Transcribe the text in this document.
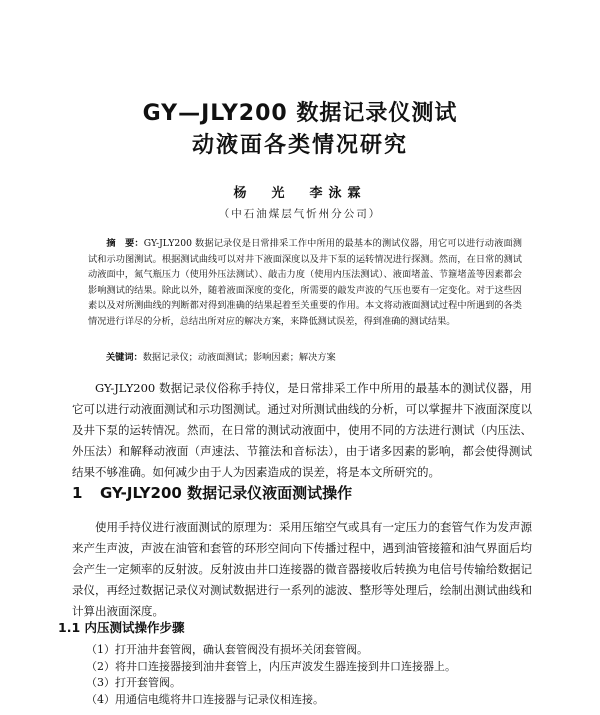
GY—JLY200 数据记录仪测试
动液面各类情况研究
杨　光　李泳霖
（中石油煤层气忻州分公司）
摘　要：GY-JLY200 数据记录仪是日常排采工作中所用的最基本的测试仪器，用它可以进行动液面测试和示功图测试。根据测试曲线可以对井下液面深度以及井下泵的运转情况进行探测。然而，在日常的测试动液面中，氮气瓶压力（使用外压法测试）、敲击力度（使用内压法测试）、液面堵盖、节箍堵盖等因素都会影响测试的结果。除此以外，随着液面深度的变化，所需要的敲发声波的气压也要有一定变化。对于这些因素以及对所测曲线的判断都对得到准确的结果起着至关重要的作用。本文将动液面测试过程中所遇到的各类情况进行详尽的分析，总结出所对应的解决方案，来降低测试误差，得到准确的测试结果。
关键词：数据记录仪；动液面测试；影响因素；解决方案
GY-JLY200 数据记录仪俗称手持仪，是日常排采工作中所用的最基本的测试仪器，用它可以进行动液面测试和示功图测试。通过对所测试曲线的分析，可以掌握井下液面深度以及井下泵的运转情况。然而，在日常的测试动液面中，使用不同的方法进行测试（内压法、外压法）和解释动液面（声速法、节箍法和音标法），由于诸多因素的影响，都会使得测试结果不够准确。如何减少由于人为因素造成的误差，将是本文所研究的。
1 GY-JLY200 数据记录仪液面测试操作
使用手持仪进行液面测试的原理为：采用压缩空气或具有一定压力的套管气作为发声源来产生声波，声波在油管和套管的环形空间向下传播过程中，遇到油管接箍和油气界面后均会产生一定频率的反射波。反射波由井口连接器的微音器接收后转换为电信号传输给数据记录仪，再经过数据记录仪对测试数据进行一系列的滤波、整形等处理后，绘制出测试曲线和计算出液面深度。
1.1 内压测试操作步骤
（1）打开油井套管阀，确认套管阀没有损坏关闭套管阀。
（2）将井口连接器接到油井套管上，内压声波发生器连接到井口连接器上。
（3）打开套管阀。
（4）用通信电缆将井口连接器与记录仪相连接。
